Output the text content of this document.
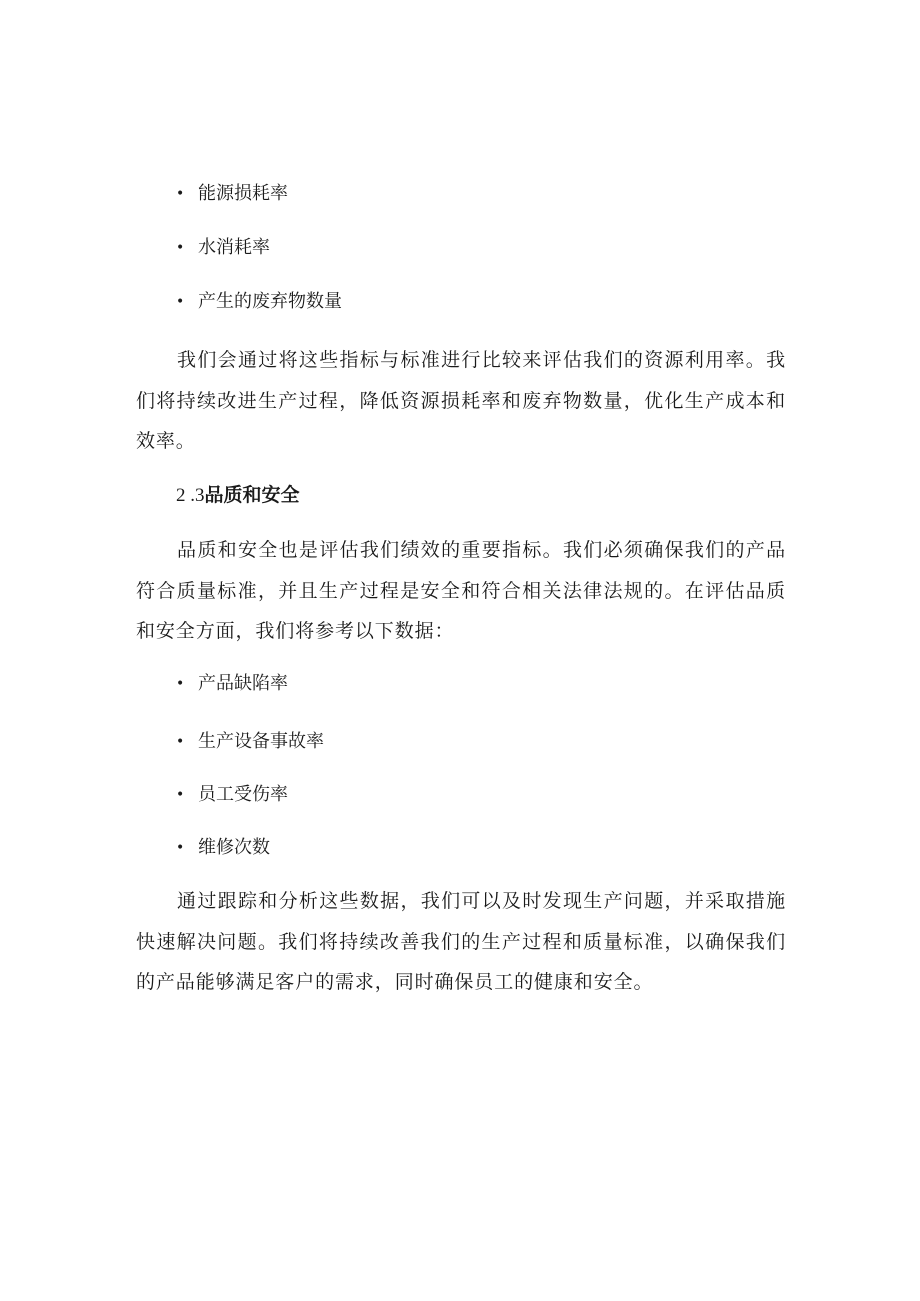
• 能源损耗率
• 水消耗率
• 产生的废弃物数量

我们会通过将这些指标与标准进行比较来评估我们的资源利用率。我们将持续改进生产过程，降低资源损耗率和废弃物数量，优化生产成本和效率。

2 .3品质和安全

品质和安全也是评估我们绩效的重要指标。我们必须确保我们的产品符合质量标准，并且生产过程是安全和符合相关法律法规的。在评估品质和安全方面，我们将参考以下数据：

• 产品缺陷率
• 生产设备事故率
• 员工受伤率
• 维修次数

通过跟踪和分析这些数据，我们可以及时发现生产问题，并采取措施快速解决问题。我们将持续改善我们的生产过程和质量标准，以确保我们的产品能够满足客户的需求，同时确保员工的健康和安全。
